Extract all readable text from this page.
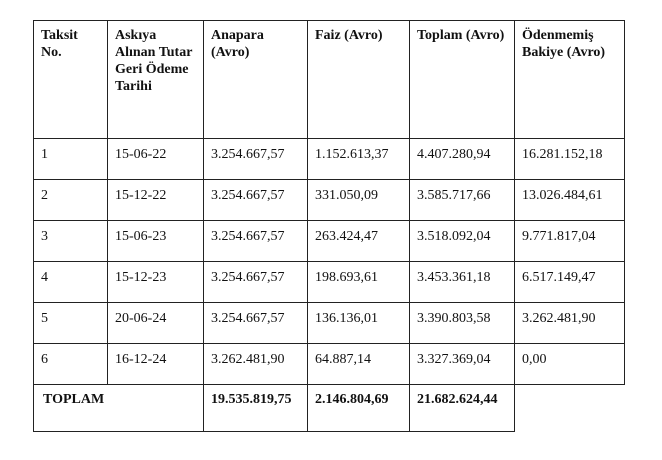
Taksit No.	Askıya Alınan Tutar Geri Ödeme Tarihi	Anapara (Avro)	Faiz (Avro)	Toplam (Avro)	Ödenmemiş Bakiye (Avro)
1	15-06-22	3.254.667,57	1.152.613,37	4.407.280,94	16.281.152,18
2	15-12-22	3.254.667,57	331.050,09	3.585.717,66	13.026.484,61
3	15-06-23	3.254.667,57	263.424,47	3.518.092,04	9.771.817,04
4	15-12-23	3.254.667,57	198.693,61	3.453.361,18	6.517.149,47
5	20-06-24	3.254.667,57	136.136,01	3.390.803,58	3.262.481,90
6	16-12-24	3.262.481,90	64.887,14	3.327.369,04	0,00
TOPLAM		19.535.819,75	2.146.804,69	21.682.624,44	
